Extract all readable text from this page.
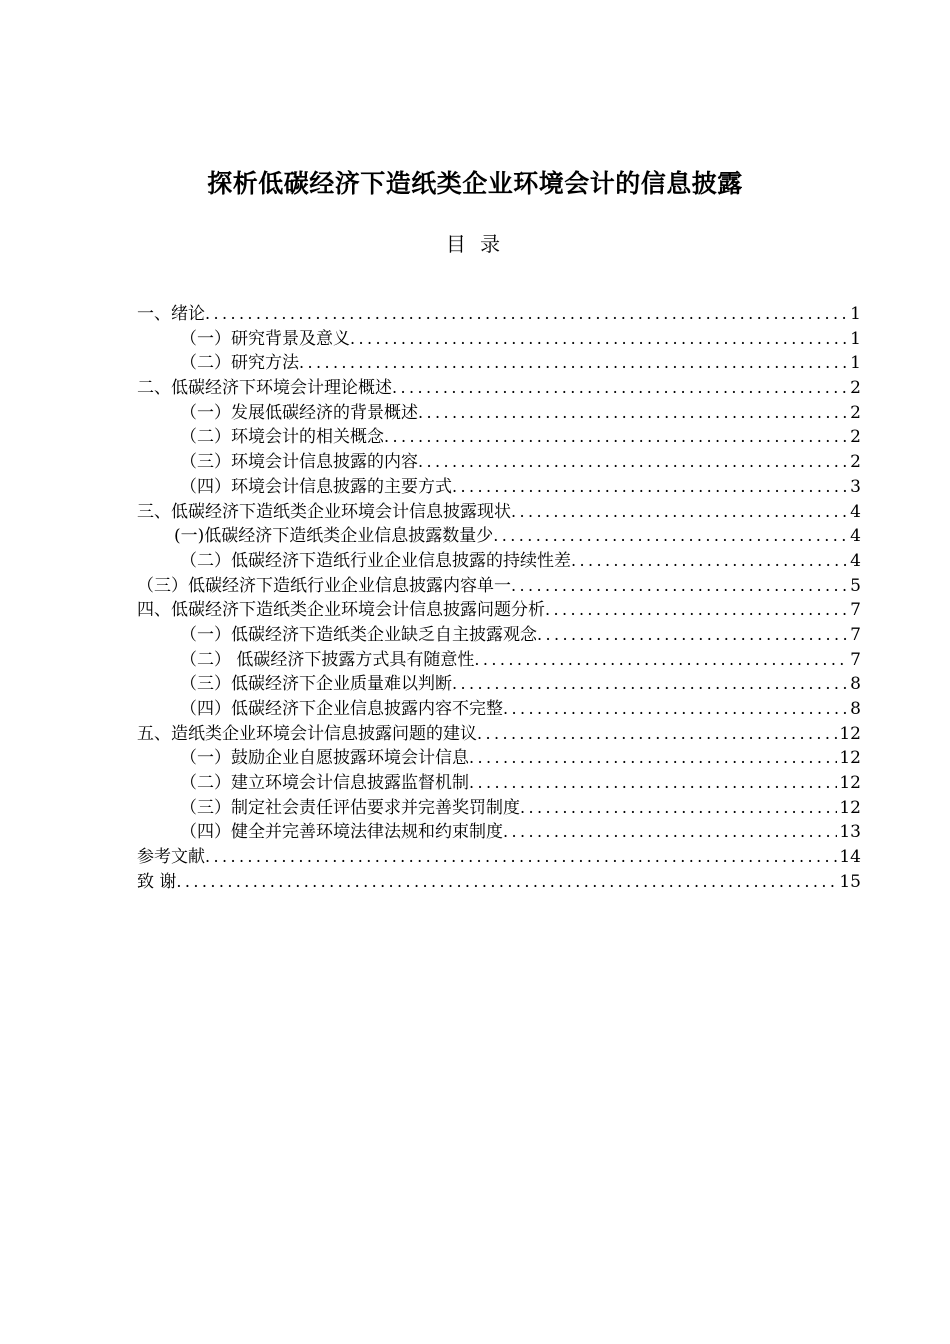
探析低碳经济下造纸类企业环境会计的信息披露
目 录
一、绪论 .....	1
（一）研究背景及意义 .....	1
（二）研究方法 .....	1
二、低碳经济下环境会计理论概述 .....	2
（一）发展低碳经济的背景概述 .....	2
（二）环境会计的相关概念 .....	2
（三）环境会计信息披露的内容 .....	2
（四）环境会计信息披露的主要方式 .....	3
三、低碳经济下造纸类企业环境会计信息披露现状 .....	4
(一)低碳经济下造纸类企业信息披露数量少 .....	4
（二）低碳经济下造纸行业企业信息披露的持续性差 .....	4
（三）低碳经济下造纸行业企业信息披露内容单一 .....	5
四、低碳经济下造纸类企业环境会计信息披露问题分析 .....	7
（一）低碳经济下造纸类企业缺乏自主披露观念 .....	7
（二） 低碳经济下披露方式具有随意性 .....	7
（三）低碳经济下企业质量难以判断 .....	8
（四）低碳经济下企业信息披露内容不完整 .....	8
五、造纸类企业环境会计信息披露问题的建议 .....	12
（一）鼓励企业自愿披露环境会计信息 .....	12
（二）建立环境会计信息披露监督机制 .....	12
（三）制定社会责任评估要求并完善奖罚制度 .....	12
（四）健全并完善环境法律法规和约束制度 .....	13
参考文献 .....	14
致 谢 .....	15
